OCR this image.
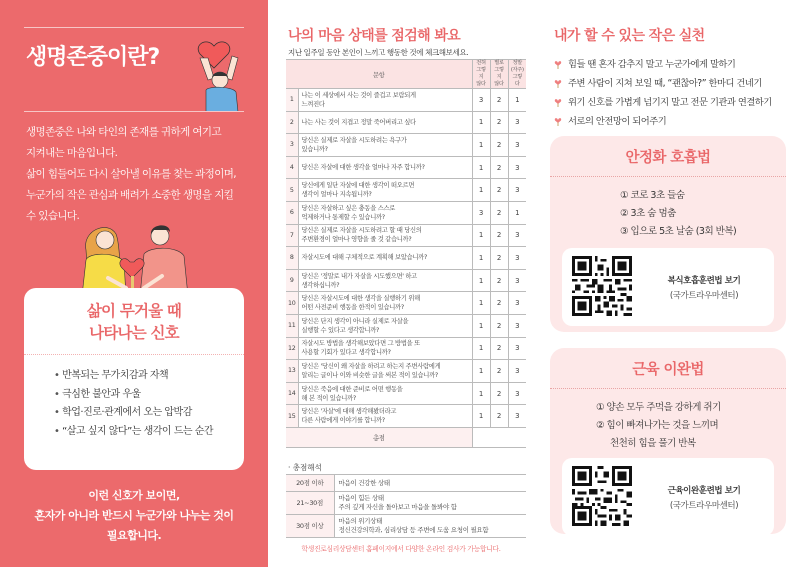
생명존중이란?
생명존중은 나와 타인의 존재를 귀하게 여기고
지켜내는 마음입니다.
삶이 힘들어도 다시 살아낼 이유를 찾는 과정이며,
누군가의 작은 관심과 배려가 소중한 생명을 지킬
수 있습니다.
삶이 무거울 때
나타나는 신호
• 반복되는 무가치감과 자책
• 극심한 불안과 우울
• 학업·진로·관계에서 오는 압박감
• “살고 싶지 않다”는 생각이 드는 순간
이런 신호가 보이면,
혼자가 아니라 반드시 누군가와 나누는 것이
필요합니다.
나의 마음 상태를 점검해 봐요
지난 일주일 동안 본인이 느끼고 행동한 것에 체크해보세요.
문항	
전혀
그렇지
않다

별로
그렇지
않다

정말
(자주)
그렇다

1	나는 이 세상에서 사는 것이 즐겁고 보람되게
느껴진다	3	2	1
2	나는 사는 것이 지겹고 정말 죽어버리고 싶다	1	2	3
3	당신은 실제로 자살을 시도하려는 욕구가
있습니까?	1	2	3
4	당신은 자살에 대한 생각을 얼마나 자주 합니까?	1	2	3
5	당신에게 일단 자살에 대한 생각이 떠오르면
생각이 얼마나 지속됩니까?	1	2	3
6	당신은 자살하고 싶은 충동을 스스로
억제하거나 통제할 수 있습니까?	3	2	1
7	당신은 실제로 자살을 시도하려고 할 때 당신의
주변환경이 얼마나 영향을 줄 것 같습니까?	1	2	3
8	자살시도에 대해 구체적으로 계획해 보았습니까?	1	2	3
9	당신은 '정말로 내가 자살을 시도했으면' 하고
생각하십니까?	1	2	3
10	당신은 자살시도에 대한 생각을 실행하기 위해
어떤 사전준비 행동을 한적이 있습니까?	1	2	3
11	당신은 단지 생각이 아니라 실제로 자살을
실행할 수 있다고 생각합니까?	1	2	3
12	자살시도 방법을 생각해보았다면 그 방법을 또
사용할 기회가 있다고 생각합니까?	1	2	3
13	당신은 '당신이 왜 자살을 하려고 하는지 주변사람에게
알리는 글이나 이와 비슷한 글을 써본 적이 있습니까?	1	2	3
14	당신은 죽음에 대한 준비로 어떤 행동을
해 본 적이 있습니까?	1	2	3
15	당신은 '자살'에 대해 생각해봤더라고
다른 사람에게 이야기를 합니까?	1	2	3
총점				
· 총점해석
20점 이하	마음이 건강한 상태

21~30점	마음이 힘든 상태
주의 깊게 자신을 돌아보고 마음을 돌봐야 함

30점 이상	마음의 위기상태
정신건강의학과, 심리상담 등 주변에 도움 요청이 필요함
학생진로심리상담센터 홈페이지에서 다양한 온라인 검사가 가능합니다.
내가 할 수 있는 작은 실천
힘들 땐 혼자 감추지 말고 누군가에게 말하기
주변 사람이 지쳐 보일 때, “괜찮아?” 한마디 건네기
위기 신호를 가볍게 넘기지 말고 전문 기관과 연결하기
서로의 안전망이 되어주기
안정화 호흡법
① 코로 3초 들숨
② 3초 숨 멈춤
③ 입으로 5초 날숨 (3회 반복)
복식호흡훈련법 보기
(국가트라우마센터)
근육 이완법
① 양손 모두 주먹을 강하게 쥐기
② 힘이 빠져나가는 것을 느끼며
천천히 힘을 풀기 반복
근육이완훈련법 보기
(국가트라우마센터)
